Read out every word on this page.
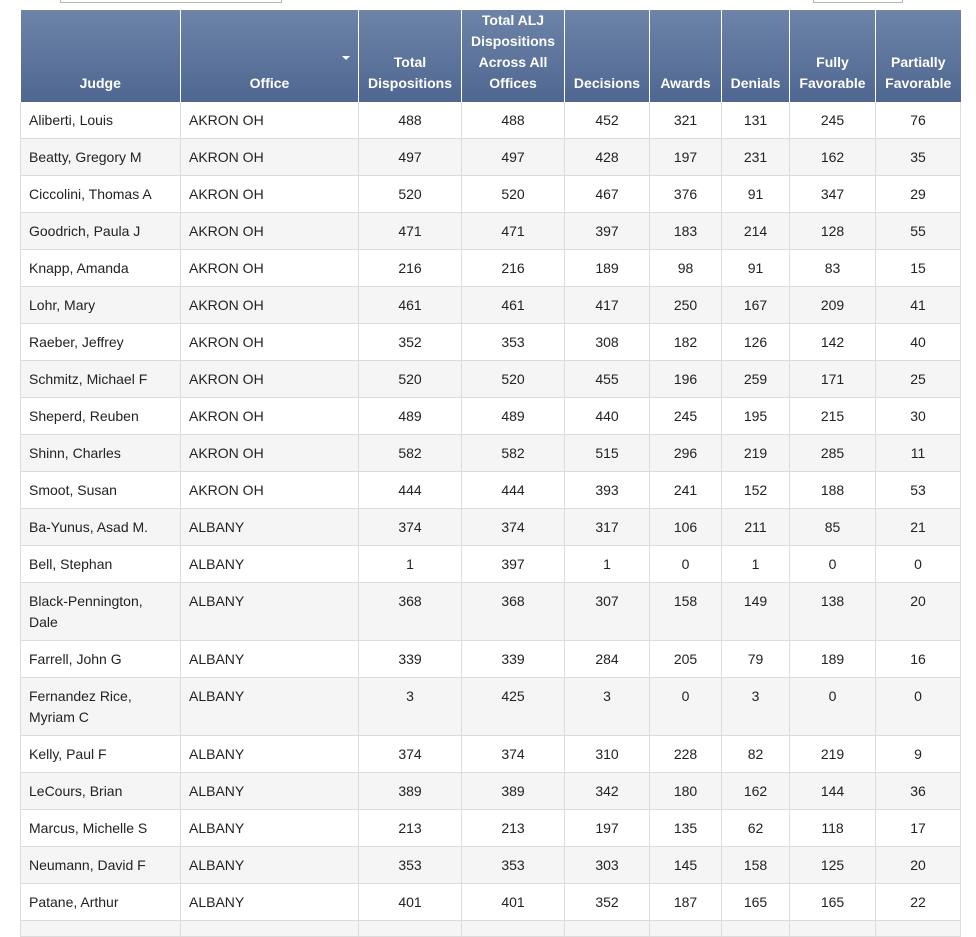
Judge	Office	Total Dispositions	Total ALJ Dispositions Across All Offices	Decisions	Awards	Denials	Fully Favorable	Partially Favorable
Aliberti, Louis	AKRON OH	488	488	452	321	131	245	76
Beatty, Gregory M	AKRON OH	497	497	428	197	231	162	35
Ciccolini, Thomas A	AKRON OH	520	520	467	376	91	347	29
Goodrich, Paula J	AKRON OH	471	471	397	183	214	128	55
Knapp, Amanda	AKRON OH	216	216	189	98	91	83	15
Lohr, Mary	AKRON OH	461	461	417	250	167	209	41
Raeber, Jeffrey	AKRON OH	352	353	308	182	126	142	40
Schmitz, Michael F	AKRON OH	520	520	455	196	259	171	25
Sheperd, Reuben	AKRON OH	489	489	440	245	195	215	30
Shinn, Charles	AKRON OH	582	582	515	296	219	285	11
Smoot, Susan	AKRON OH	444	444	393	241	152	188	53
Ba-Yunus, Asad M.	ALBANY	374	374	317	106	211	85	21
Bell, Stephan	ALBANY	1	397	1	0	1	0	0
Black-Pennington, Dale	ALBANY	368	368	307	158	149	138	20
Farrell, John G	ALBANY	339	339	284	205	79	189	16
Fernandez Rice, Myriam C	ALBANY	3	425	3	0	3	0	0
Kelly, Paul F	ALBANY	374	374	310	228	82	219	9
LeCours, Brian	ALBANY	389	389	342	180	162	144	36
Marcus, Michelle S	ALBANY	213	213	197	135	62	118	17
Neumann, David F	ALBANY	353	353	303	145	158	125	20
Patane, Arthur	ALBANY	401	401	352	187	165	165	22
